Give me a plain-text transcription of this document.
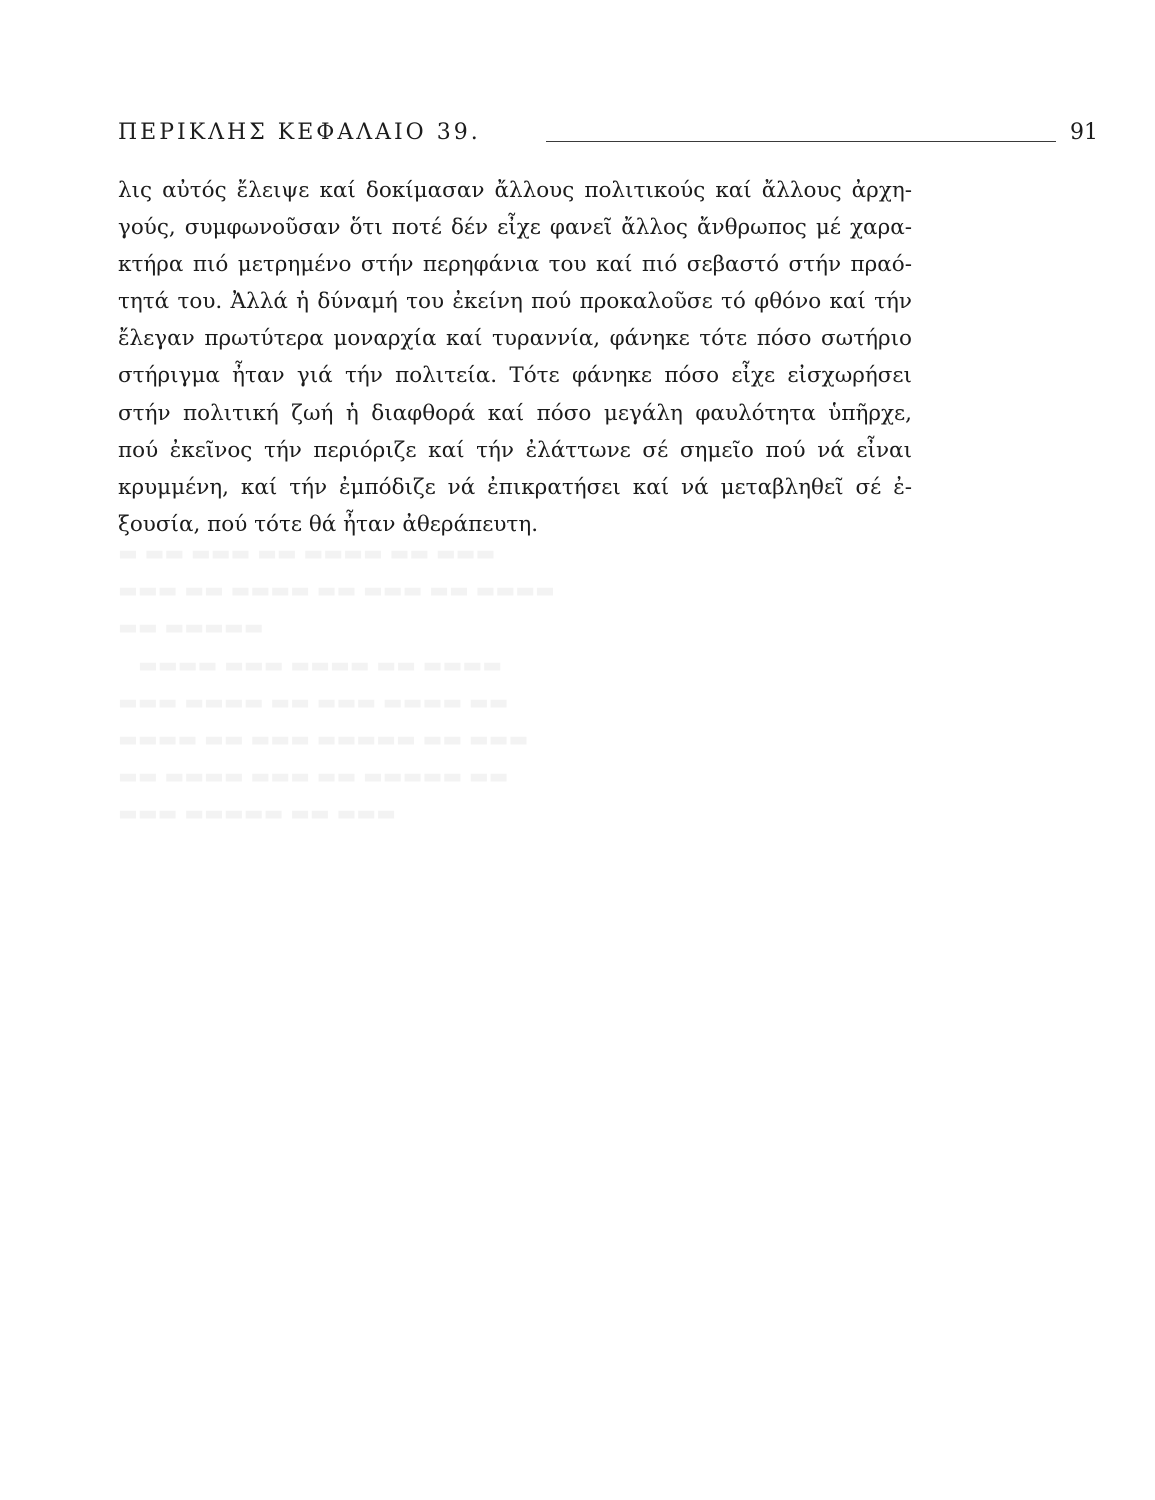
ΠΕΡΙΚΛΗΣ ΚΕΦΑΛΑΙΟ 39.	91
λις αὐτός ἔλειψε καί δοκίμασαν ἄλλους πολιτικούς καί ἄλλους ἀρχη-
γούς, συμφωνοῦσαν ὅτι ποτέ δέν εἶχε φανεῖ ἄλλος ἄνθρωπος μέ χαρα-
κτήρα πιό μετρημένο στήν περηφάνια του καί πιό σεβαστό στήν πραό-
τητά του. Ἀλλά ἡ δύναμή του ἐκείνη πού προκαλοῦσε τό φθόνο καί τήν
ἔλεγαν πρωτύτερα μοναρχία καί τυραννία, φάνηκε τότε πόσο σωτήριο
στήριγμα ἦταν γιά τήν πολιτεία. Τότε φάνηκε πόσο εἶχε εἰσχωρήσει
στήν πολιτική ζωή ἡ διαφθορά καί πόσο μεγάλη φαυλότητα ὑπῆρχε,
πού ἐκεῖνος τήν περιόριζε καί τήν ἐλάττωνε σέ σημεῖο πού νά εἶναι
κρυμμένη, καί τήν ἐμπόδιζε νά ἐπικρατήσει καί νά μεταβληθεῖ σέ ἐ-
ξουσία, πού τότε θά ἦταν ἀθεράπευτη.
▬ ▬▬ ▬▬▬ ▬▬ ▬▬▬▬ ▬▬ ▬▬▬
▬▬▬ ▬▬ ▬▬▬▬ ▬▬ ▬▬▬ ▬▬ ▬▬▬▬
▬▬ ▬▬▬▬▬
▬▬▬▬ ▬▬▬ ▬▬▬▬ ▬▬ ▬▬▬▬
▬▬▬ ▬▬▬▬ ▬▬ ▬▬▬ ▬▬▬▬ ▬▬
▬▬▬▬ ▬▬ ▬▬▬ ▬▬▬▬▬ ▬▬ ▬▬▬
▬▬ ▬▬▬▬ ▬▬▬ ▬▬ ▬▬▬▬▬ ▬▬
▬▬▬ ▬▬▬▬▬ ▬▬ ▬▬▬
